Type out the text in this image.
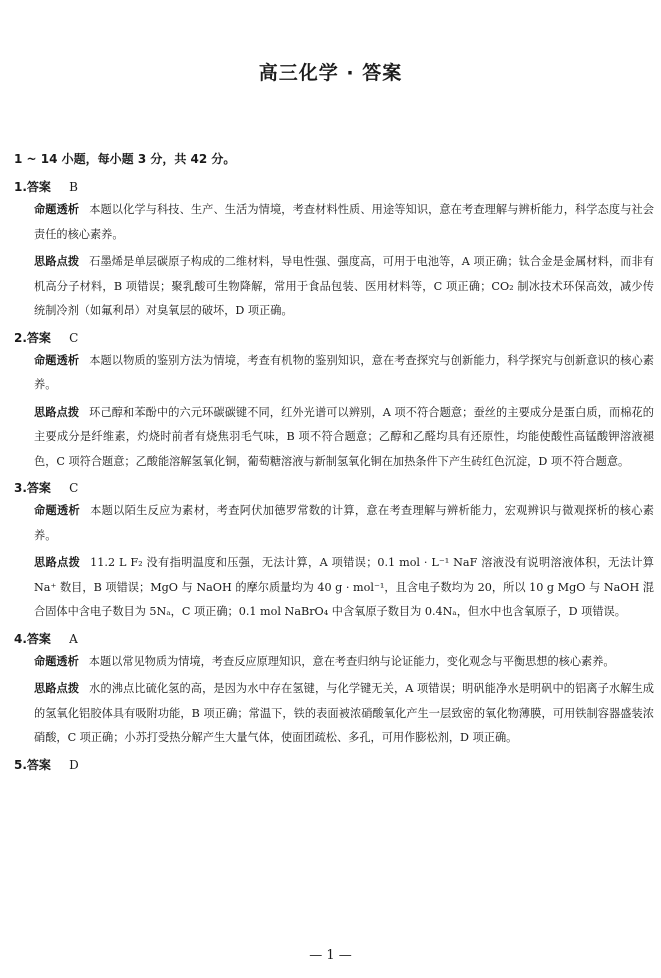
高三化学 · 答案
1 ~ 14 小题，每小题 3 分，共 42 分。
1.答案 B
命题透析 本题以化学与科技、生产、生活为情境，考查材料性质、用途等知识，意在考查理解与辨析能力，科学态度与社会责任的核心素养。
思路点拨 石墨烯是单层碳原子构成的二维材料，导电性强、强度高，可用于电池等，A 项正确；钛合金是金属材料，而非有机高分子材料，B 项错误；聚乳酸可生物降解，常用于食品包装、医用材料等，C 项正确；CO₂ 制冰技术环保高效，减少传统制冷剂（如氟利昂）对臭氧层的破坏，D 项正确。
2.答案 C
命题透析 本题以物质的鉴别方法为情境，考查有机物的鉴别知识，意在考查探究与创新能力，科学探究与创新意识的核心素养。
思路点拨 环己醇和苯酚中的六元环碳碳键不同，红外光谱可以辨别，A 项不符合题意；蚕丝的主要成分是蛋白质，而棉花的主要成分是纤维素，灼烧时前者有烧焦羽毛气味，B 项不符合题意；乙醇和乙醛均具有还原性，均能使酸性高锰酸钾溶液褪色，C 项符合题意；乙酸能溶解氢氧化铜，葡萄糖溶液与新制氢氧化铜在加热条件下产生砖红色沉淀，D 项不符合题意。
3.答案 C
命题透析 本题以陌生反应为素材，考查阿伏加德罗常数的计算，意在考查理解与辨析能力，宏观辨识与微观探析的核心素养。
思路点拨 11.2 L F₂ 没有指明温度和压强，无法计算，A 项错误；0.1 mol · L⁻¹ NaF 溶液没有说明溶液体积，无法计算 Na⁺ 数目，B 项错误；MgO 与 NaOH 的摩尔质量均为 40 g · mol⁻¹，且含电子数均为 20，所以 10 g MgO 与 NaOH 混合固体中含电子数目为 5Nₐ，C 项正确；0.1 mol NaBrO₄ 中含氧原子数目为 0.4Nₐ，但水中也含氧原子，D 项错误。
4.答案 A
命题透析 本题以常见物质为情境，考查反应原理知识，意在考查归纳与论证能力，变化观念与平衡思想的核心素养。
思路点拨 水的沸点比硫化氢的高，是因为水中存在氢键，与化学键无关，A 项错误；明矾能净水是明矾中的铝离子水解生成的氢氧化铝胶体具有吸附功能，B 项正确；常温下，铁的表面被浓硝酸氧化产生一层致密的氧化物薄膜，可用铁制容器盛装浓硝酸，C 项正确；小苏打受热分解产生大量气体，使面团疏松、多孔，可用作膨松剂，D 项正确。
5.答案 D
— 1 —
